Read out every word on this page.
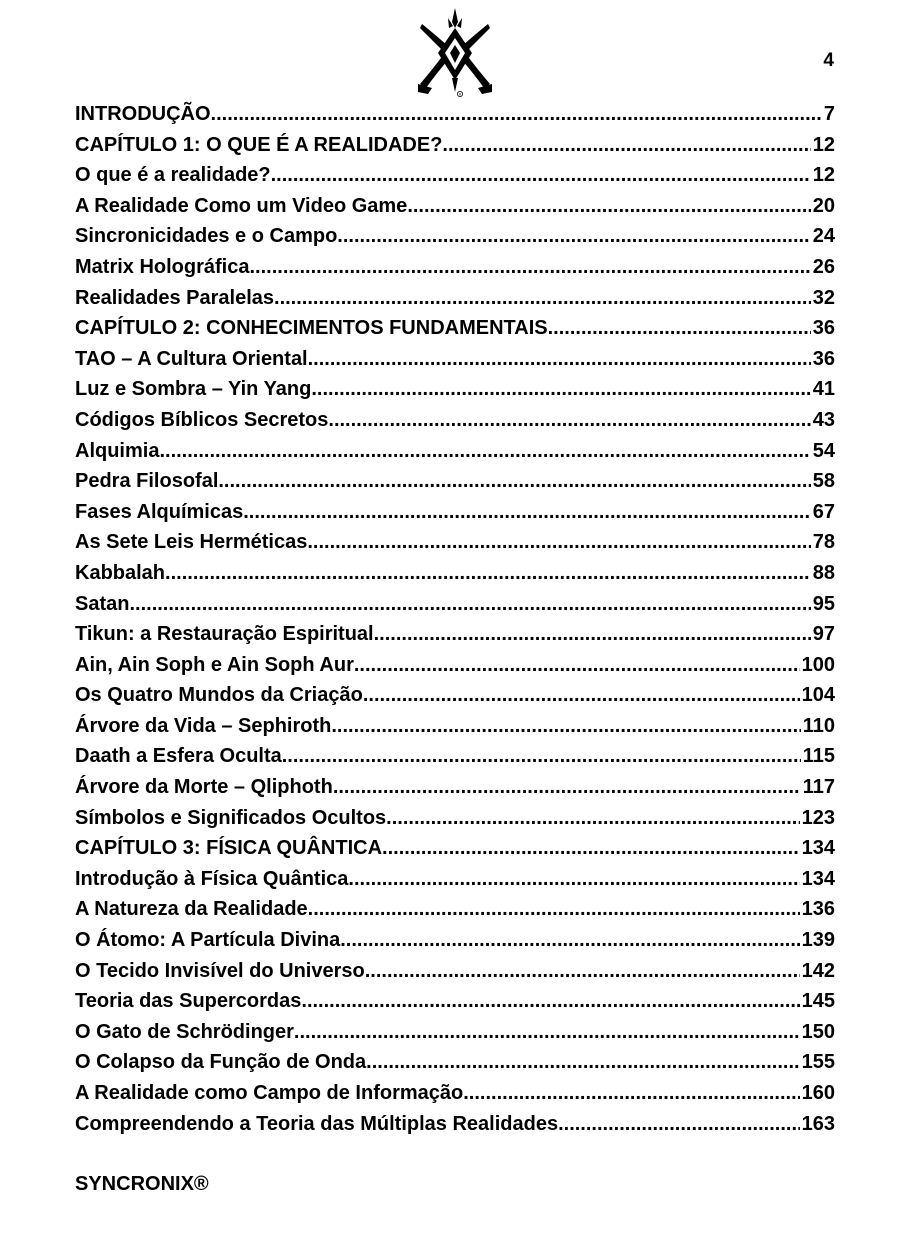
R
4
INTRODUÇÃO .....	7
CAPÍTULO 1: O QUE É A REALIDADE? .....	12
O que é a realidade? .....	12
A Realidade Como um Video Game .....	20
Sincronicidades e o Campo .....	24
Matrix Holográfica .....	26
Realidades Paralelas .....	32
CAPÍTULO 2: CONHECIMENTOS FUNDAMENTAIS .....	36
TAO – A Cultura Oriental .....	36
Luz e Sombra – Yin Yang .....	41
Códigos Bíblicos Secretos .....	43
Alquimia .....	54
Pedra Filosofal .....	58
Fases Alquímicas .....	67
As Sete Leis Herméticas .....	78
Kabbalah .....	88
Satan .....	95
Tikun: a Restauração Espiritual .....	97
Ain, Ain Soph e Ain Soph Aur .....	100
Os Quatro Mundos da Criação .....	104
Árvore da Vida – Sephiroth .....	110
Daath a Esfera Oculta .....	115
Árvore da Morte – Qliphoth .....	117
Símbolos e Significados Ocultos .....	123
CAPÍTULO 3: FÍSICA QUÂNTICA .....	134
Introdução à Física Quântica .....	134
A Natureza da Realidade .....	136
O Átomo: A Partícula Divina .....	139
O Tecido Invisível do Universo .....	142
Teoria das Supercordas .....	145
O Gato de Schrödinger .....	150
O Colapso da Função de Onda .....	155
A Realidade como Campo de Informação .....	160
Compreendendo a Teoria das Múltiplas Realidades .....	163
SYNCRONIX®
